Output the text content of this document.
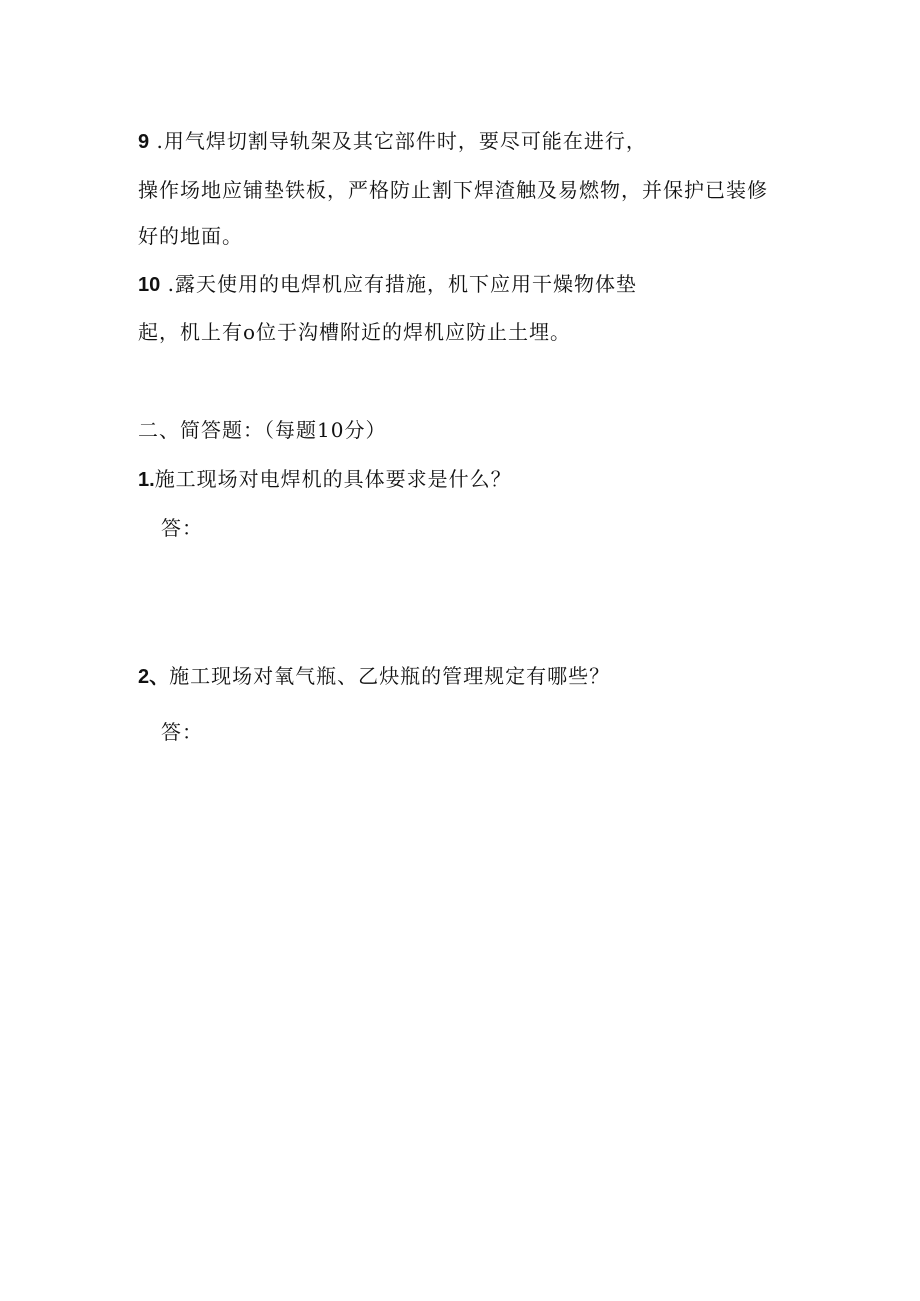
9 .用气焊切割导轨架及其它部件时，要尽可能在进行，
操作场地应铺垫铁板，严格防止割下焊渣触及易燃物，并保护已装修
好的地面。
10 .露天使用的电焊机应有措施，机下应用干燥物体垫
起，机上有o位于沟槽附近的焊机应防止土埋。
二、简答题：（每题10分）
1.施工现场对电焊机的具体要求是什么？
答：
2、施工现场对氧气瓶、乙炔瓶的管理规定有哪些？
答：
